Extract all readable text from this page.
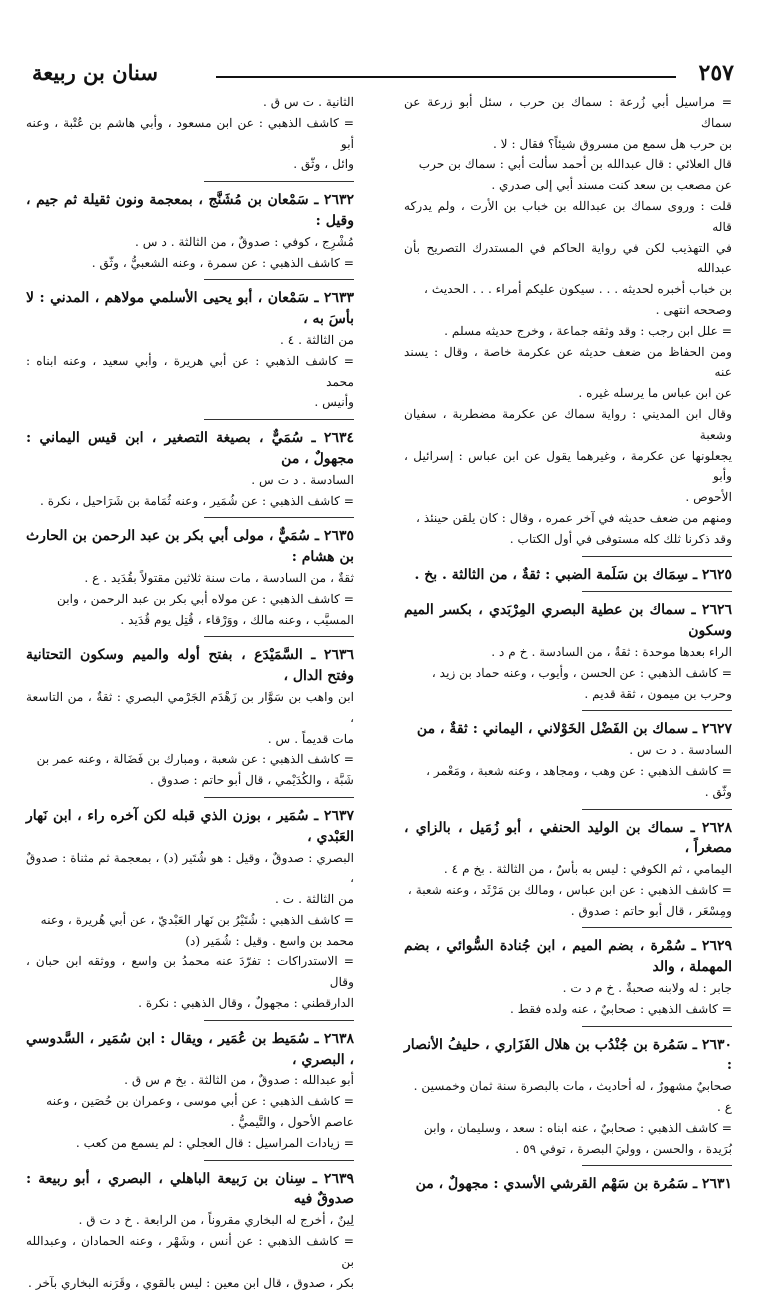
٢٥٧
سنان بن ربيعة
= مراسيل أبي زُرعة : سماك بن حرب ، سئل أبو زرعة عن سماك
بن حرب هل سمع من مسروق شيئاً؟ فقال : لا .
قال العلائي : قال عبدالله بن أحمد سألت أبي : سماك بن حرب
عن مصعب بن سعد كنت مسند أبي إلى صدري .
قلت : وروى سماك بن عبدالله بن خباب بن الأرت ، ولم يدركه قاله
في التهذيب لكن في رواية الحاكم في المستدرك التصريح بأن عبدالله
بن خباب أخبره لحديثه . . . سيكون عليكم أمراء . . . الحديث ،
وصححه انتهى .
= علل ابن رجب : وقد وثقه جماعة ، وخرج حديثه مسلم .
ومن الحفاظ من ضعف حديثه عن عكرمة خاصة ، وقال : يسند عنه
عن ابن عباس ما يرسله غيره .
وقال ابن المديني : رواية سماك عن عكرمة مضطربة ، سفيان وشعبة
يجعلونها عن عكرمة ، وغيرهما يقول عن ابن عباس : إسرائيل ، وأبو
الأحوص .
ومنهم من ضعف حديثه في آخر عمره ، وقال : كان يلقن حينئذ ،
وقد ذكرنا ثلك كله مستوفى في أول الكتاب .
٢٦٢٥ ـ سِمَاك بن سَلَمة الضبي : ثقةٌ ، من الثالثة . بخ .
٢٦٢٦ ـ سماك بن عطية البصري المِرْبَدي ، بكسر الميم وسكون
الراء بعدها موحدة : ثقةٌ ، من السادسة . خ م د .
= كاشف الذهبي : عن الحسن ، وأيوب ، وعنه حماد بن زيد ،
وحرب بن ميمون ، ثقة قديم .
٢٦٢٧ ـ سماك بن الفَضْل الخَوْلاني ، اليماني : ثقةٌ ، من
السادسة . د ت س .
= كاشف الذهبي : عن وهب ، ومجاهد ، وعنه شعبة ، ومَعْمر ،
وثّق .
٢٦٢٨ ـ سماك بن الوليد الحنفي ، أبو زُمَيل ، بالزاي ، مصغراً ،
اليمامي ، ثم الكوفي : ليس به بأسٌ ، من الثالثة . بخ م ٤ .
= كاشف الذهبي : عن ابن عباس ، ومالك بن مَرْثَد ، وعنه شعبة ،
ومِسْعَر ، قال أبو حاتم : صدوق .
٢٦٢٩ ـ سُمْرة ، بضم الميم ، ابن جُنادة السُّوائي ، بضم المهملة ، والد
جابر : له ولابنه صحبةٌ . خ م د ت .
= كاشف الذهبي : صحابيٌ ، عنه ولده فقط .
٢٦٣٠ ـ سَمُرة بن جُنْدُب بن هلال الفَزَاري ، حليفُ الأنصار :
صحابيٌ مشهورٌ ، له أحاديث ، مات بالبصرة سنة ثمان وخمسين .
ع .
= كاشف الذهبي : صحابيٌ ، عنه ابناه : سعد ، وسليمان ، وابن
بُرَيدة ، والحسن ، ووليَ البصرة ، توفي ٥٩ .
٢٦٣١ ـ سَمُرة بن سَهْم القرشي الأسدي : مجهولٌ ، من
الثانية . ت س ق .
= كاشف الذهبي : عن ابن مسعود ، وأبي هاشم بن عُتْبة ، وعنه أبو
وائل ، وثّق .
٢٦٣٢ ـ سَمْعان بن مُشَنَّج ، بمعجمة ونون ثقيلة ثم جيم ، وقيل :
مُشْرِج ، كوفي : صدوقٌ ، من الثالثة . د س .
= كاشف الذهبي : عن سمرة ، وعنه الشعبيُّ ، وثّق .
٢٦٣٣ ـ سَمْعان ، أبو يحيى الأسلمي مولاهم ، المدني : لا بأسَ به ،
من الثالثة . ٤ .
= كاشف الذهبي : عن أبي هريرة ، وأبي سعيد ، وعنه ابناه : محمد
وأنيس .
٢٦٣٤ ـ سُمَيٌّ ، بصيغة التصغير ، ابن قيس اليماني : مجهولٌ ، من
السادسة . د ت س .
= كاشف الذهبي : عن شُمَير ، وعنه ثُمَامة بن شَرَاحيل ، نكرة .
٢٦٣٥ ـ سُمَيٌّ ، مولى أبي بكر بن عبد الرحمن بن الحارث بن هشام :
ثقةٌ ، من السادسة ، مات سنة ثلاثين مقتولاً بقُدَيد . ع .
= كاشف الذهبي : عن مولاه أبي بكر بن عبد الرحمن ، وابن
المسيَّب ، وعنه مالك ، ووَرْقاء ، قُتِل يوم قُدَيد .
٢٦٣٦ ـ السَّمَيْدَع ، بفتح أوله والميم وسكون التحتانية وفتح الدال ،
ابن واهب بن سَوَّار بن زَهْدَم الجَرْمي البصري : ثقةٌ ، من التاسعة ،
مات قديماً . س .
= كاشف الذهبي : عن شعبة ، ومبارك بن فَضَالة ، وعنه عمر بن
شَبَّة ، والكُدَيْمي ، قال أبو حاتم : صدوق .
٢٦٣٧ ـ سُمَير ، بوزن الذي قبله لكن آخره راء ، ابن نَهار العَبْدي ،
البصري : صدوقٌ ، وقيل : هو شُتَير (د) ، بمعجمة ثم مثناة : صدوقٌ ،
من الثالثة . ت .
= كاشف الذهبي : شُتَيْرُ بن نَهار العَبْديّ ، عن أبي هُريرة ، وعنه
محمد بن واسع . وقيل : شُمَير (د)
= الاستدراكات : تفرّدَ عنه محمدُ بن واسع ، ووثقه ابن حبان ، وقال
الدارقطني : مجهولٌ ، وقال الذهبي : نكرة .
٢٦٣٨ ـ سُمَيط بن عُمَير ، ويقال : ابن سُمَير ، السَّدوسي ، البصري ،
أبو عبدالله : صدوقٌ ، من الثالثة . بخ م س ق .
= كاشف الذهبي : عن أبي موسى ، وعمران بن حُصَين ، وعنه
عاصم الأحول ، والتَّيميُّ .
= زيادات المراسيل : قال العجلي : لم يسمع من كعب .
٢٦٣٩ ـ سِنان بن رَبيعة الباهلي ، البصري ، أبو ربيعة : صدوقٌ فيه
لِينٌ ، أخرج له البخاري مقروناً ، من الرابعة . خ د ت ق .
= كاشف الذهبي : عن أنس ، وشَهْر ، وعنه الحمادان ، وعبدالله بن
بكر ، صدوق ، قال ابن معين : ليس بالقوي ، وقَرَنه البخاري بآخر .
